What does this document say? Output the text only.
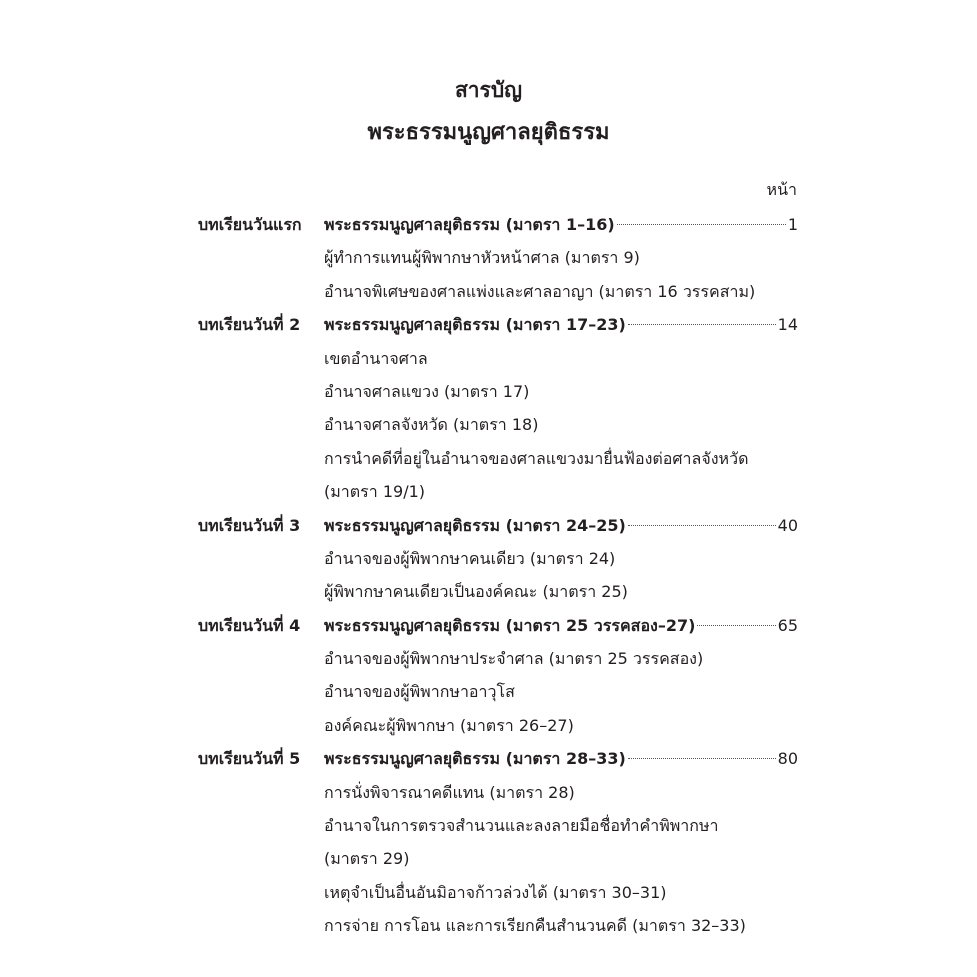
สารบัญ
พระธรรมนูญศาลยุติธรรม
หน้า
บทเรียนวันแรก พระธรรมนูญศาลยุติธรรม (มาตรา 1–16)	1
ผู้ทำการแทนผู้พิพากษาหัวหน้าศาล (มาตรา 9)
อำนาจพิเศษของศาลแพ่งและศาลอาญา (มาตรา 16 วรรคสาม)
บทเรียนวันที่ 2 พระธรรมนูญศาลยุติธรรม (มาตรา 17–23)	14
เขตอำนาจศาล
อำนาจศาลแขวง (มาตรา 17)
อำนาจศาลจังหวัด (มาตรา 18)
การนำคดีที่อยู่ในอำนาจของศาลแขวงมายื่นฟ้องต่อศาลจังหวัด
(มาตรา 19/1)
บทเรียนวันที่ 3 พระธรรมนูญศาลยุติธรรม (มาตรา 24–25)	40
อำนาจของผู้พิพากษาคนเดียว (มาตรา 24)
ผู้พิพากษาคนเดียวเป็นองค์คณะ (มาตรา 25)
บทเรียนวันที่ 4 พระธรรมนูญศาลยุติธรรม (มาตรา 25 วรรคสอง–27)	65
อำนาจของผู้พิพากษาประจำศาล (มาตรา 25 วรรคสอง)
อำนาจของผู้พิพากษาอาวุโส
องค์คณะผู้พิพากษา (มาตรา 26–27)
บทเรียนวันที่ 5 พระธรรมนูญศาลยุติธรรม (มาตรา 28–33)	80
การนั่งพิจารณาคดีแทน (มาตรา 28)
อำนาจในการตรวจสำนวนและลงลายมือชื่อทำคำพิพากษา
(มาตรา 29)
เหตุจำเป็นอื่นอันมิอาจก้าวล่วงได้ (มาตรา 30–31)
การจ่าย การโอน และการเรียกคืนสำนวนคดี (มาตรา 32–33)
